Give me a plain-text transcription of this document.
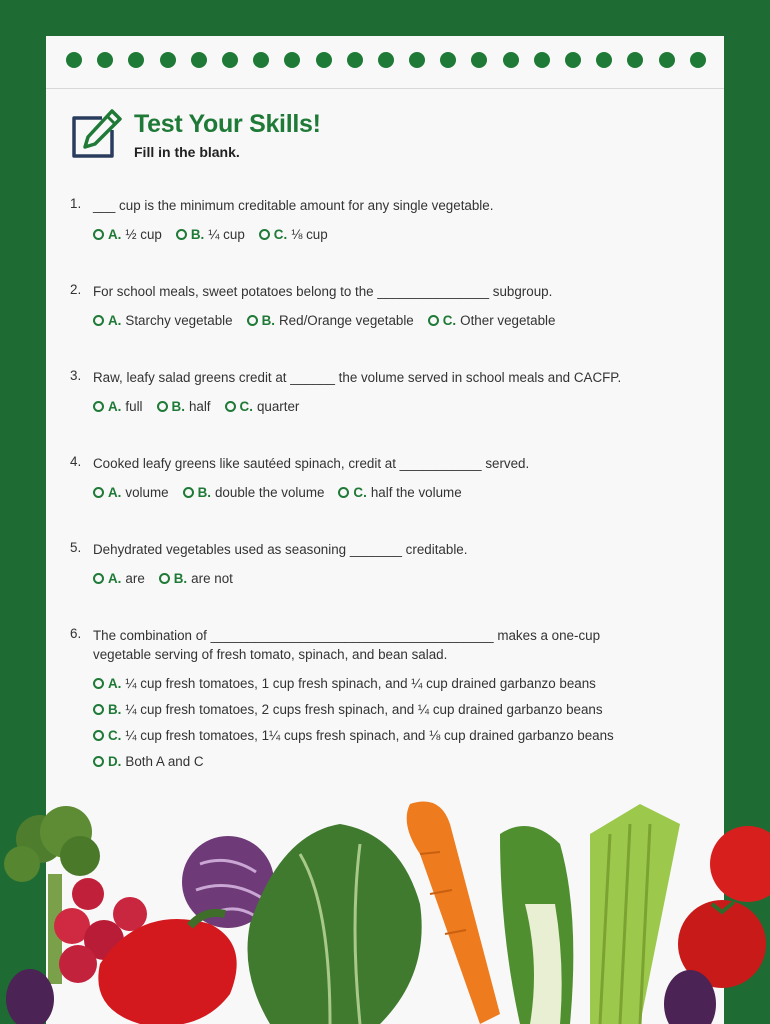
Test Your Skills!
Fill in the blank.
1. ___ cup is the minimum creditable amount for any single vegetable.
A. ½ cup B. ¼ cup C. ⅛ cup
2. For school meals, sweet potatoes belong to the _______________ subgroup.
A. Starchy vegetable B. Red/Orange vegetable C. Other vegetable
3. Raw, leafy salad greens credit at ______ the volume served in school meals and CACFP.
A. full B. half C. quarter
4. Cooked leafy greens like sautéed spinach, credit at ___________ served.
A. volume B. double the volume C. half the volume
5. Dehydrated vegetables used as seasoning _______ creditable.
A. are B. are not
6. The combination of ______________________________________ makes a one-cup vegetable serving of fresh tomato, spinach, and bean salad.
A. ¼ cup fresh tomatoes, 1 cup fresh spinach, and ¼ cup drained garbanzo beans
B. ¼ cup fresh tomatoes, 2 cups fresh spinach, and ¼ cup drained garbanzo beans
C. ¼ cup fresh tomatoes, 1¼ cups fresh spinach, and ⅛ cup drained garbanzo beans
D. Both A and C
